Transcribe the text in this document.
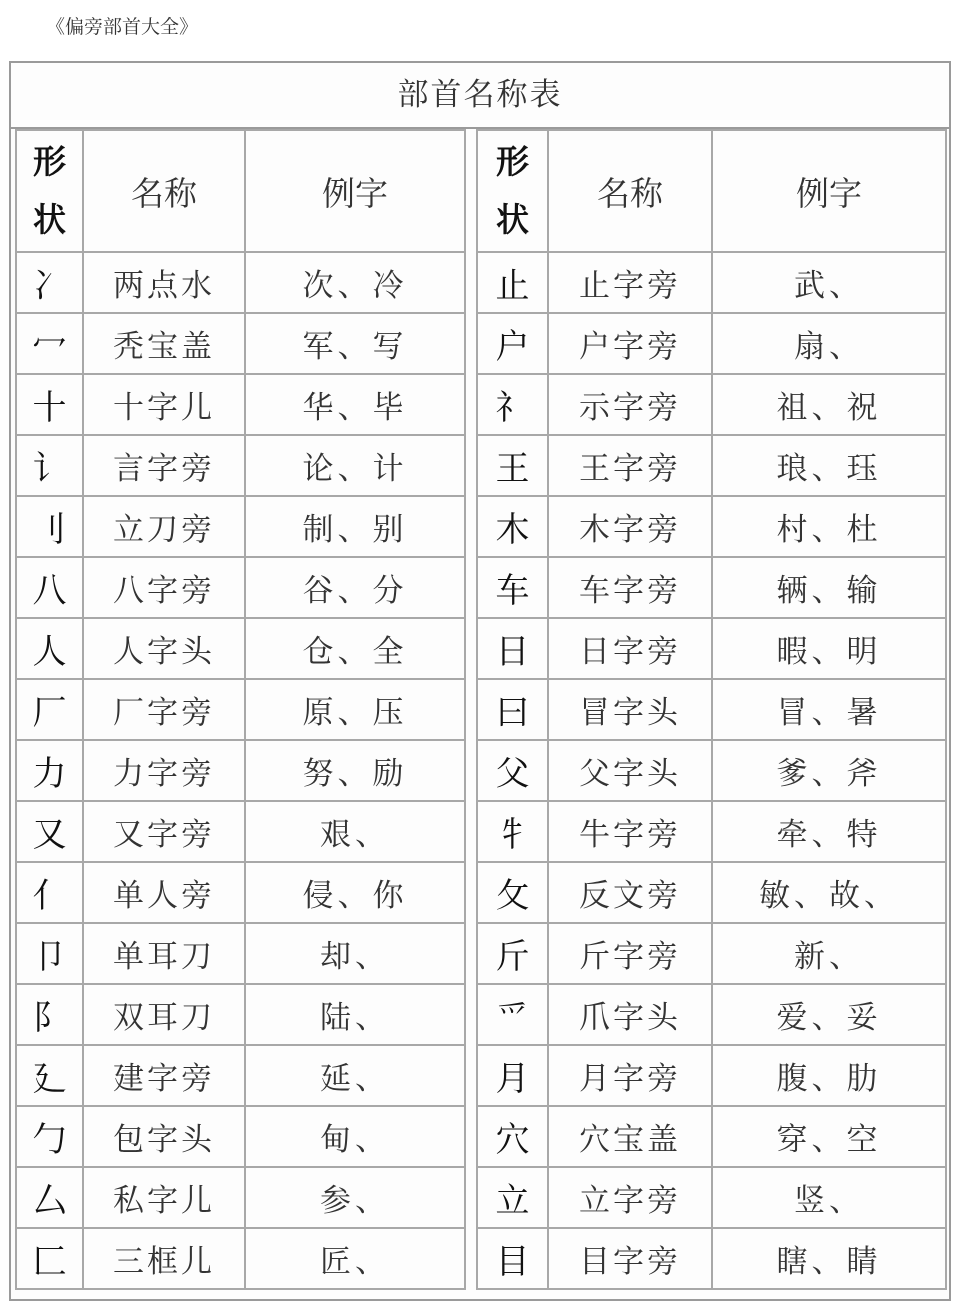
《偏旁部首大全》
部首名称表
形
状	名称	例字
冫	两点水	次、冷
冖	秃宝盖	军、写
十	十字儿	华、毕
讠	言字旁	论、计
刂	立刀旁	制、别
八	八字旁	谷、分
人	人字头	仓、全
厂	厂字旁	原、压
力	力字旁	努、励
又	又字旁	艰、
亻	单人旁	侵、你
卩	单耳刀	却、
阝	双耳刀	陆、
廴	建字旁	延、
勹	包字头	甸、
厶	私字儿	参、
匚	三框儿	匠、
形
状	名称	例字
止	止字旁	武、
户	户字旁	扇、
礻	示字旁	祖、祝
王	王字旁	琅、珏
木	木字旁	村、杜
车	车字旁	辆、输
日	日字旁	暇、明
曰	冒字头	冒、暑
父	父字头	爹、斧
牜	牛字旁	牵、特
攵	反文旁	敏、故、
斤	斤字旁	新、
爫	爪字头	爱、妥
月	月字旁	腹、肋
穴	穴宝盖	穿、空
立	立字旁	竖、
目	目字旁	瞎、睛
